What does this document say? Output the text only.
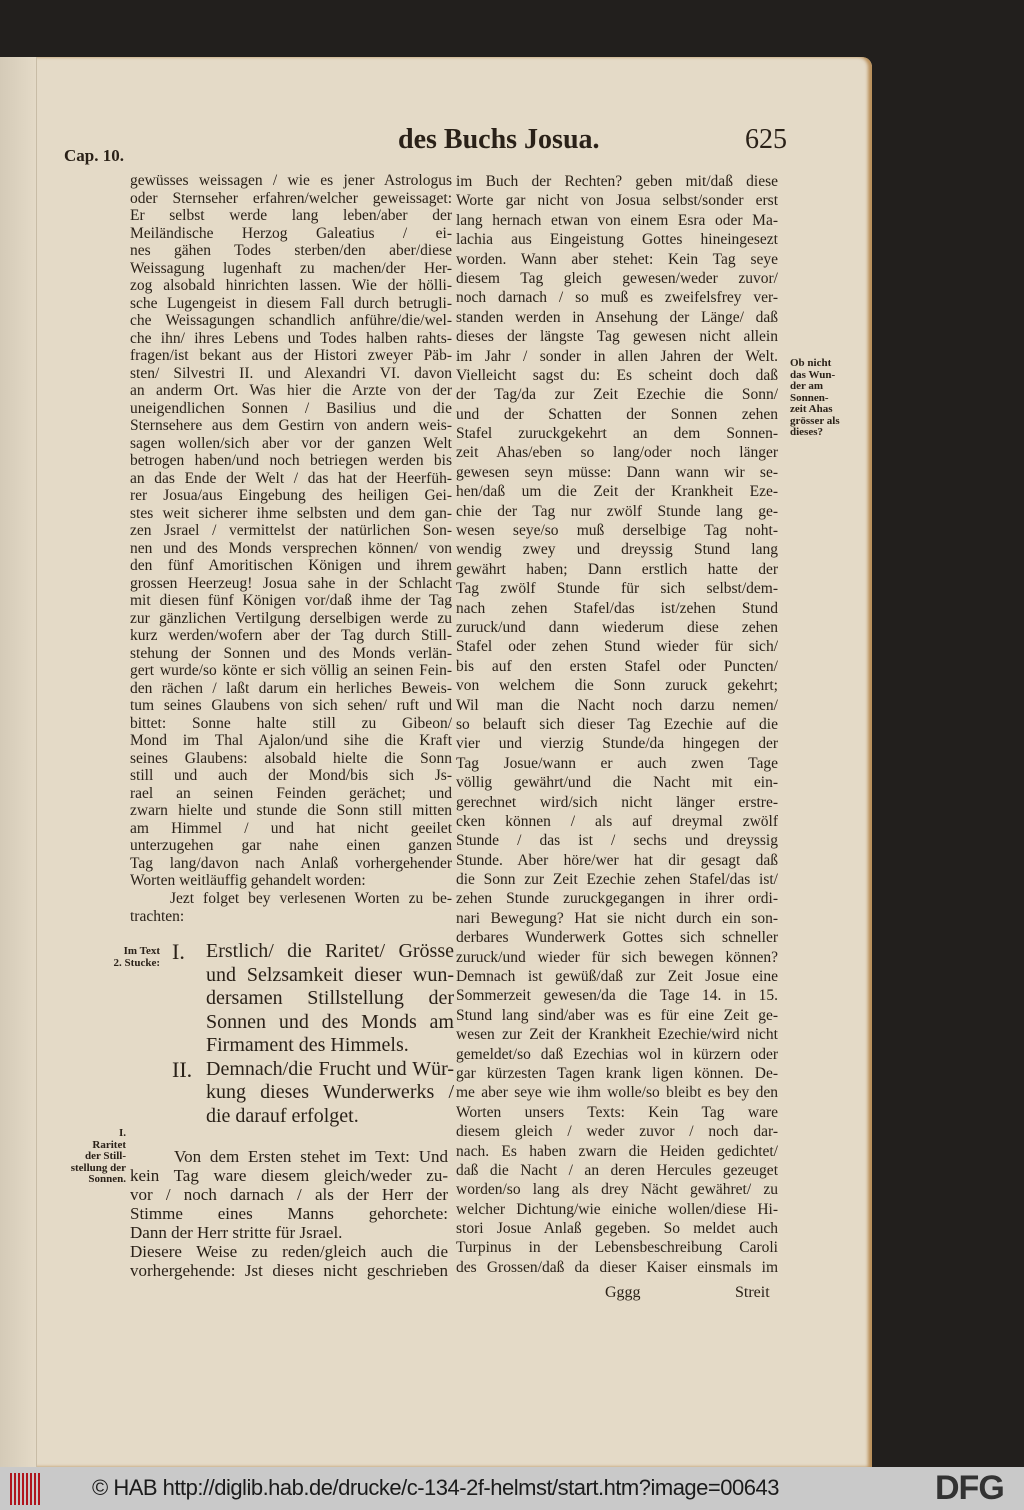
Cap. 10.
des Buchs Josua.	625
gewüsses weissagen / wie es jener Astrologus
oder Sternseher erfahren/welcher geweissaget:
Er selbst werde lang leben/aber der
Meiländische Herzog Galeatius / ei-
nes gähen Todes sterben/den aber/diese
Weissagung lugenhaft zu machen/der Her-
zog alsobald hinrichten lassen. Wie der hölli-
sche Lugengeist in diesem Fall durch betrugli-
che Weissagungen schandlich anführe/die/wel-
che ihn/ ihres Lebens und Todes halben rahts-
fragen/ist bekant aus der Histori zweyer Päb-
sten/ Silvestri II. und Alexandri VI. davon
an anderm Ort. Was hier die Arzte von der
uneigendlichen Sonnen / Basilius und die
Sternsehere aus dem Gestirn von andern weis-
sagen wollen/sich aber vor der ganzen Welt
betrogen haben/und noch betriegen werden bis
an das Ende der Welt / das hat der Heerfüh-
rer Josua/aus Eingebung des heiligen Gei-
stes weit sicherer ihme selbsten und dem gan-
zen Jsrael / vermittelst der natürlichen Son-
nen und des Monds versprechen können/ von
den fünf Amoritischen Königen und ihrem
grossen Heerzeug! Josua sahe in der Schlacht
mit diesen fünf Königen vor/daß ihme der Tag
zur gänzlichen Vertilgung derselbigen werde zu
kurz werden/wofern aber der Tag durch Still-
stehung der Sonnen und des Monds verlän-
gert wurde/so könte er sich völlig an seinen Fein-
den rächen / laßt darum ein herliches Beweis-
tum seines Glaubens von sich sehen/ ruft und
bittet: Sonne halte still zu Gibeon/
Mond im Thal Ajalon/und sihe die Kraft
seines Glaubens: alsobald hielte die Sonn
still und auch der Mond/bis sich Js-
rael an seinen Feinden gerächet; und
zwarn hielte und stunde die Sonn still mitten
am Himmel / und hat nicht geeilet
unterzugehen gar nahe einen ganzen
Tag lang/davon nach Anlaß vorhergehender
Worten weitläuffig gehandelt worden:
Jezt folget bey verlesenen Worten zu be-
trachten:
I. Erstlich/ die Raritet/ Grösse
und Selzsamkeit dieser wun-
dersamen Stillstellung der
Sonnen und des Monds am
Firmament des Himmels.
II. Demnach/die Frucht und Wür-
kung dieses Wunderwerks /
die darauf erfolget.
Von dem Ersten stehet im Text: Und
kein Tag ware diesem gleich/weder zu-
vor / noch darnach / als der Herr der
Stimme eines Manns gehorchete:
Dann der Herr stritte für Jsrael.
Diesere Weise zu reden/gleich auch die
vorhergehende: Jst dieses nicht geschrieben
im Buch der Rechten? geben mit/daß diese
Worte gar nicht von Josua selbst/sonder erst
lang hernach etwan von einem Esra oder Ma-
lachia aus Eingeistung Gottes hineingesezt
worden. Wann aber stehet: Kein Tag seye
diesem Tag gleich gewesen/weder zuvor/
noch darnach / so muß es zweifelsfrey ver-
standen werden in Ansehung der Länge/ daß
dieses der längste Tag gewesen nicht allein
im Jahr / sonder in allen Jahren der Welt.
Vielleicht sagst du: Es scheint doch daß
der Tag/da zur Zeit Ezechie die Sonn/
und der Schatten der Sonnen zehen
Stafel zuruckgekehrt an dem Sonnen-
zeit Ahas/eben so lang/oder noch länger
gewesen seyn müsse: Dann wann wir se-
hen/daß um die Zeit der Krankheit Eze-
chie der Tag nur zwölf Stunde lang ge-
wesen seye/so muß derselbige Tag noht-
wendig zwey und dreyssig Stund lang
gewährt haben; Dann erstlich hatte der
Tag zwölf Stunde für sich selbst/dem-
nach zehen Stafel/das ist/zehen Stund
zuruck/und dann wiederum diese zehen
Stafel oder zehen Stund wieder für sich/
bis auf den ersten Stafel oder Puncten/
von welchem die Sonn zuruck gekehrt;
Wil man die Nacht noch darzu nemen/
so belauft sich dieser Tag Ezechie auf die
vier und vierzig Stunde/da hingegen der
Tag Josue/wann er auch zwen Tage
völlig gewährt/und die Nacht mit ein-
gerechnet wird/sich nicht länger erstre-
cken können / als auf dreymal zwölf
Stunde / das ist / sechs und dreyssig
Stunde. Aber höre/wer hat dir gesagt daß
die Sonn zur Zeit Ezechie zehen Stafel/das ist/
zehen Stunde zuruckgegangen in ihrer ordi-
nari Bewegung? Hat sie nicht durch ein son-
derbares Wunderwerk Gottes sich schneller
zuruck/und wieder für sich bewegen können?
Demnach ist gewüß/daß zur Zeit Josue eine
Sommerzeit gewesen/da die Tage 14. in 15.
Stund lang sind/aber was es für eine Zeit ge-
wesen zur Zeit der Krankheit Ezechie/wird nicht
gemeldet/so daß Ezechias wol in kürzern oder
gar kürzesten Tagen krank ligen können. De-
me aber seye wie ihm wolle/so bleibt es bey den
Worten unsers Texts: Kein Tag ware
diesem gleich / weder zuvor / noch dar-
nach. Es haben zwarn die Heiden gedichtet/
daß die Nacht / an deren Hercules gezeuget
worden/so lang als drey Nächt gewähret/ zu
welcher Dichtung/wie einiche wollen/diese Hi-
stori Josue Anlaß gegeben. So meldet auch
Turpinus in der Lebensbeschreibung Caroli
des Grossen/daß da dieser Kaiser einsmals im
Gggg	Streit
Ob nicht
das Wun-
der am
Sonnen-
zeit Ahas
grösser als
dieses?
Im Text
2. Stucke:
I.
Raritet
der Still-
stellung der
Sonnen.
© HAB http://diglib.hab.de/drucke/c-134-2f-helmst/start.htm?image=00643	DFG
